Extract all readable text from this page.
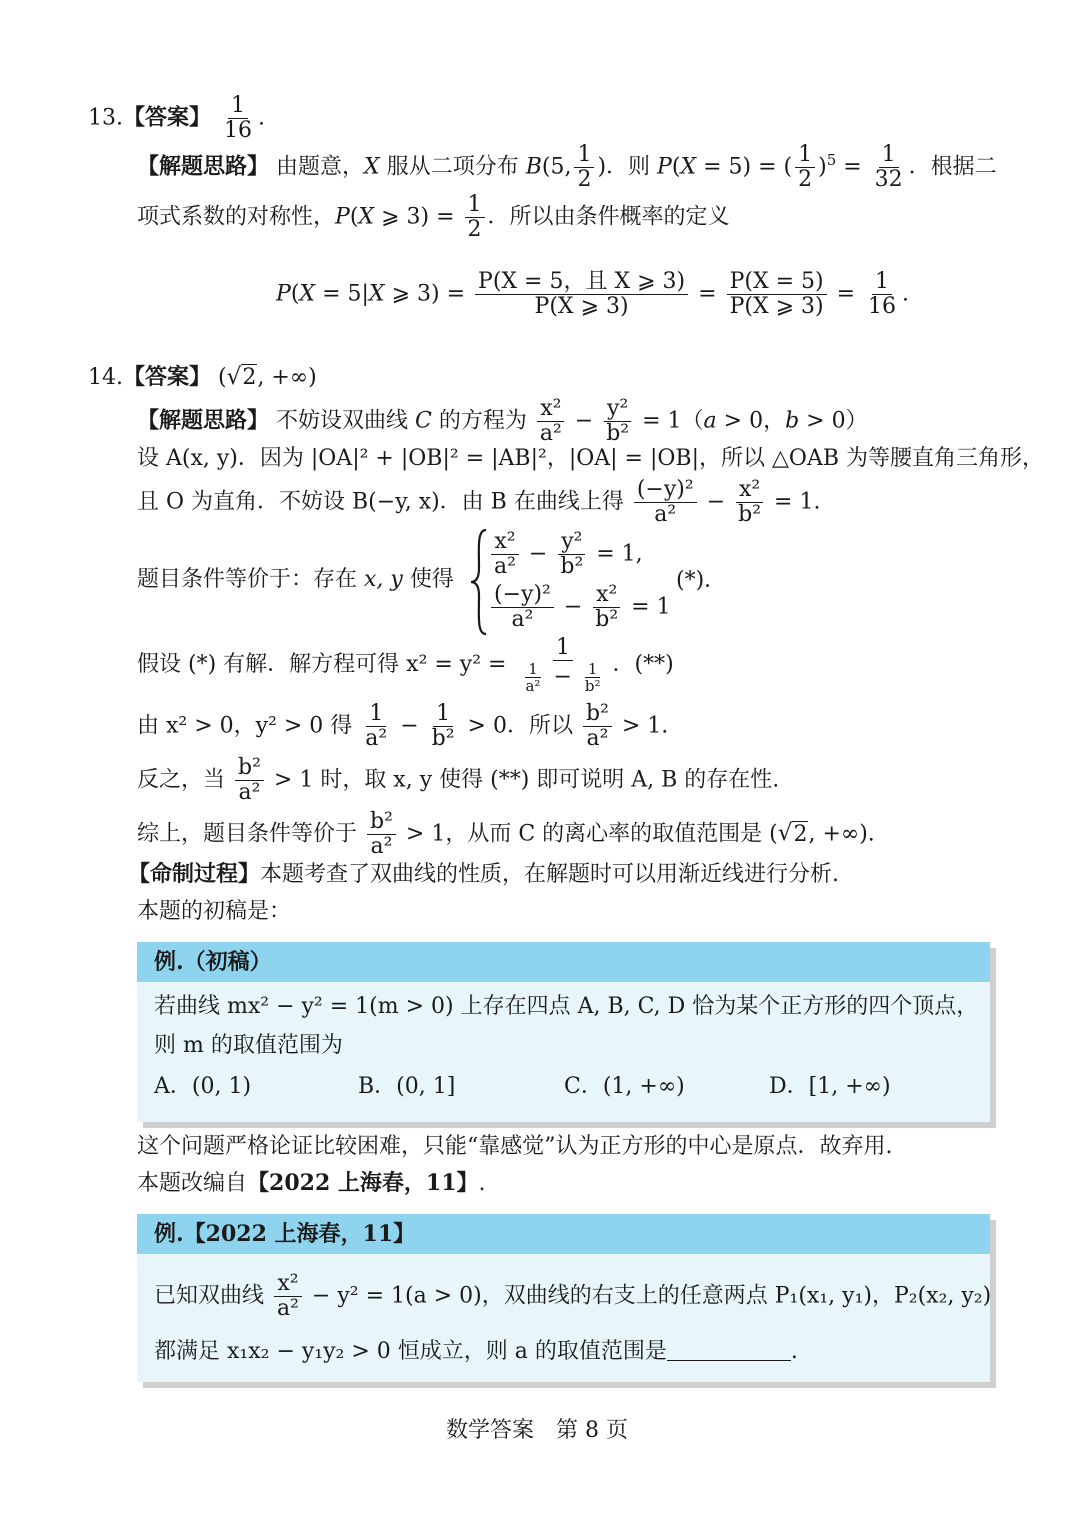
13.【答案】 $\frac{1}{16}$ .
【解题思路】 由题意，X 服从二项分布 B(5, $\frac{1}{2}$ )．则 P(X = 5) = ( $\frac{1}{2} )^5 = \frac{1}{32}$ ．根据二
项式系数的对称性，P(X ⩾ $3) = \frac{1}{2}$ ．所以由条件概率的定义
P(X = 5|X ⩾ $3) = \frac{\text{P(X = 5，且 X ⩾ 3)}}{P(X ⩾ 3)} = \frac{P(X = 5)}{P(X ⩾ 3)} = \frac{1}{16}$ .
14.【答案】 ( √ 2 , +∞)
【解题思路】 不妨设双曲线 C 的方程为 $\frac{\text{x²}}{\text{a²}} - \frac{\text{y²}}{\text{b²}} = 1(a > 0$，b > 0）
设 A(x, y)．因为 |OA|² + |OB|² = |AB|²，|OA| = |OB|，所以 △OAB 为等腰直角三角形，
且 O 为直角．不妨设 B(−y, x)．由 B 在曲线上得 $\frac{\text{(−y)²}}{\text{a²}} - \frac{\text{x²}}{\text{b²}} = 1$.
题目条件等价于：存在 x, y 使得
$\frac{\text{x²}}{\text{a²}} - \frac{\text{y²}}{\text{b²}} = 1$,
$\frac{\text{(−y)²}}{\text{a²}} - \frac{\text{x²}}{\text{b²}} = 1$
(*)．
假设 (*) 有解．解方程可得 $x^2 = y^2 = \frac{1}{\frac{1}{\text{a²}} - \frac{1}{\text{b²}}}$ ．(**)
由 x² > 0，y² > 0 得 $\frac{1}{\text{a²}} - \frac{1}{\text{b²}} > 0$．所以 $\frac{\text{b²}}{\text{a²}} > 1$.
反之，当 $\frac{\text{b²}}{\text{a²}} > 1$ 时，取 x, y 使得 (**) 即可说明 A, B 的存在性.
综上，题目条件等价于 $\frac{\text{b²}}{\text{a²}} > 1$，从而 C 的离心率的取值范围是 ( √ 2 , +∞).
【命制过程】本题考查了双曲线的性质，在解题时可以用渐近线进行分析.
本题的初稿是：
例.（初稿）
若曲线 mx² − y² = 1(m > 0) 上存在四点 A, B, C, D 恰为某个正方形的四个顶点，
则 m 的取值范围为
A．(0, 1)	B．(0, 1]	C．(1, +∞)	D．[1, +∞)
这个问题严格论证比较困难，只能“靠感觉”认为正方形的中心是原点．故弃用.
本题改编自【2022 上海春，11】.
例.【2022 上海春，11】
已知双曲线 $\frac{\text{x²}}{\text{a²}} - y^2 = 1(a > 0)$，双曲线的右支上的任意两点 P₁(x₁, y₁)，P₂(x₂, y₂)
都满足 x₁x₂ − y₁y₂ > 0 恒成立，则 a 的取值范围是	.
数学答案　第 8 页
